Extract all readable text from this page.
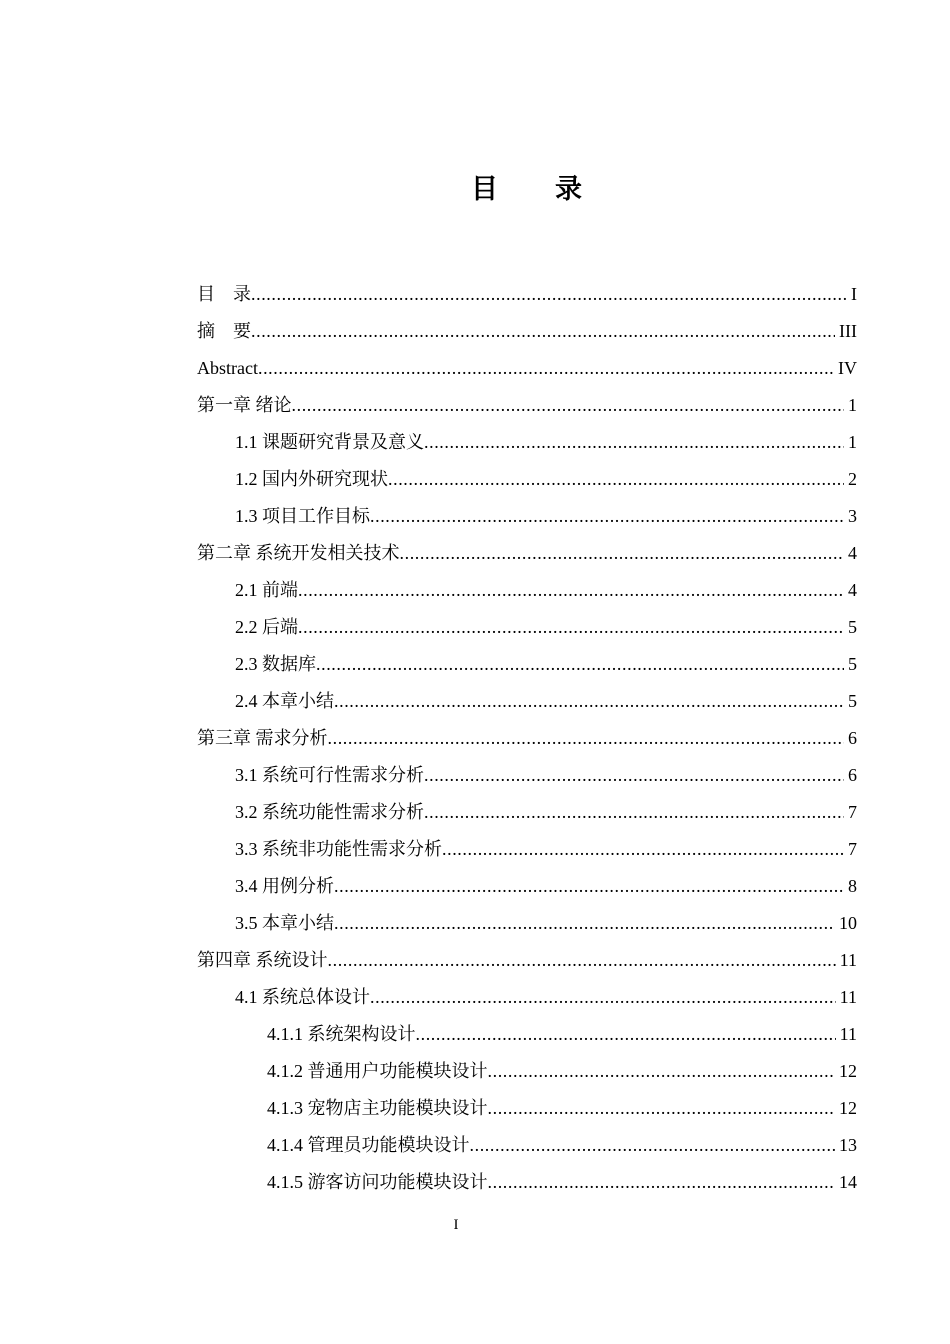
目　　录
目　录 .....	I
摘　要 .....	III
Abstract .....	IV
第一章 绪论 .....	1
1.1 课题研究背景及意义 .....	1
1.2 国内外研究现状 .....	2
1.3 项目工作目标 .....	3
第二章 系统开发相关技术 .....	4
2.1 前端 .....	4
2.2 后端 .....	5
2.3 数据库 .....	5
2.4 本章小结 .....	5
第三章 需求分析 .....	6
3.1 系统可行性需求分析 .....	6
3.2 系统功能性需求分析 .....	7
3.3 系统非功能性需求分析 .....	7
3.4 用例分析 .....	8
3.5 本章小结 .....	10
第四章 系统设计 .....	11
4.1 系统总体设计 .....	11
4.1.1 系统架构设计 .....	11
4.1.2 普通用户功能模块设计 .....	12
4.1.3 宠物店主功能模块设计 .....	12
4.1.4 管理员功能模块设计 .....	13
4.1.5 游客访问功能模块设计 .....	14
I
